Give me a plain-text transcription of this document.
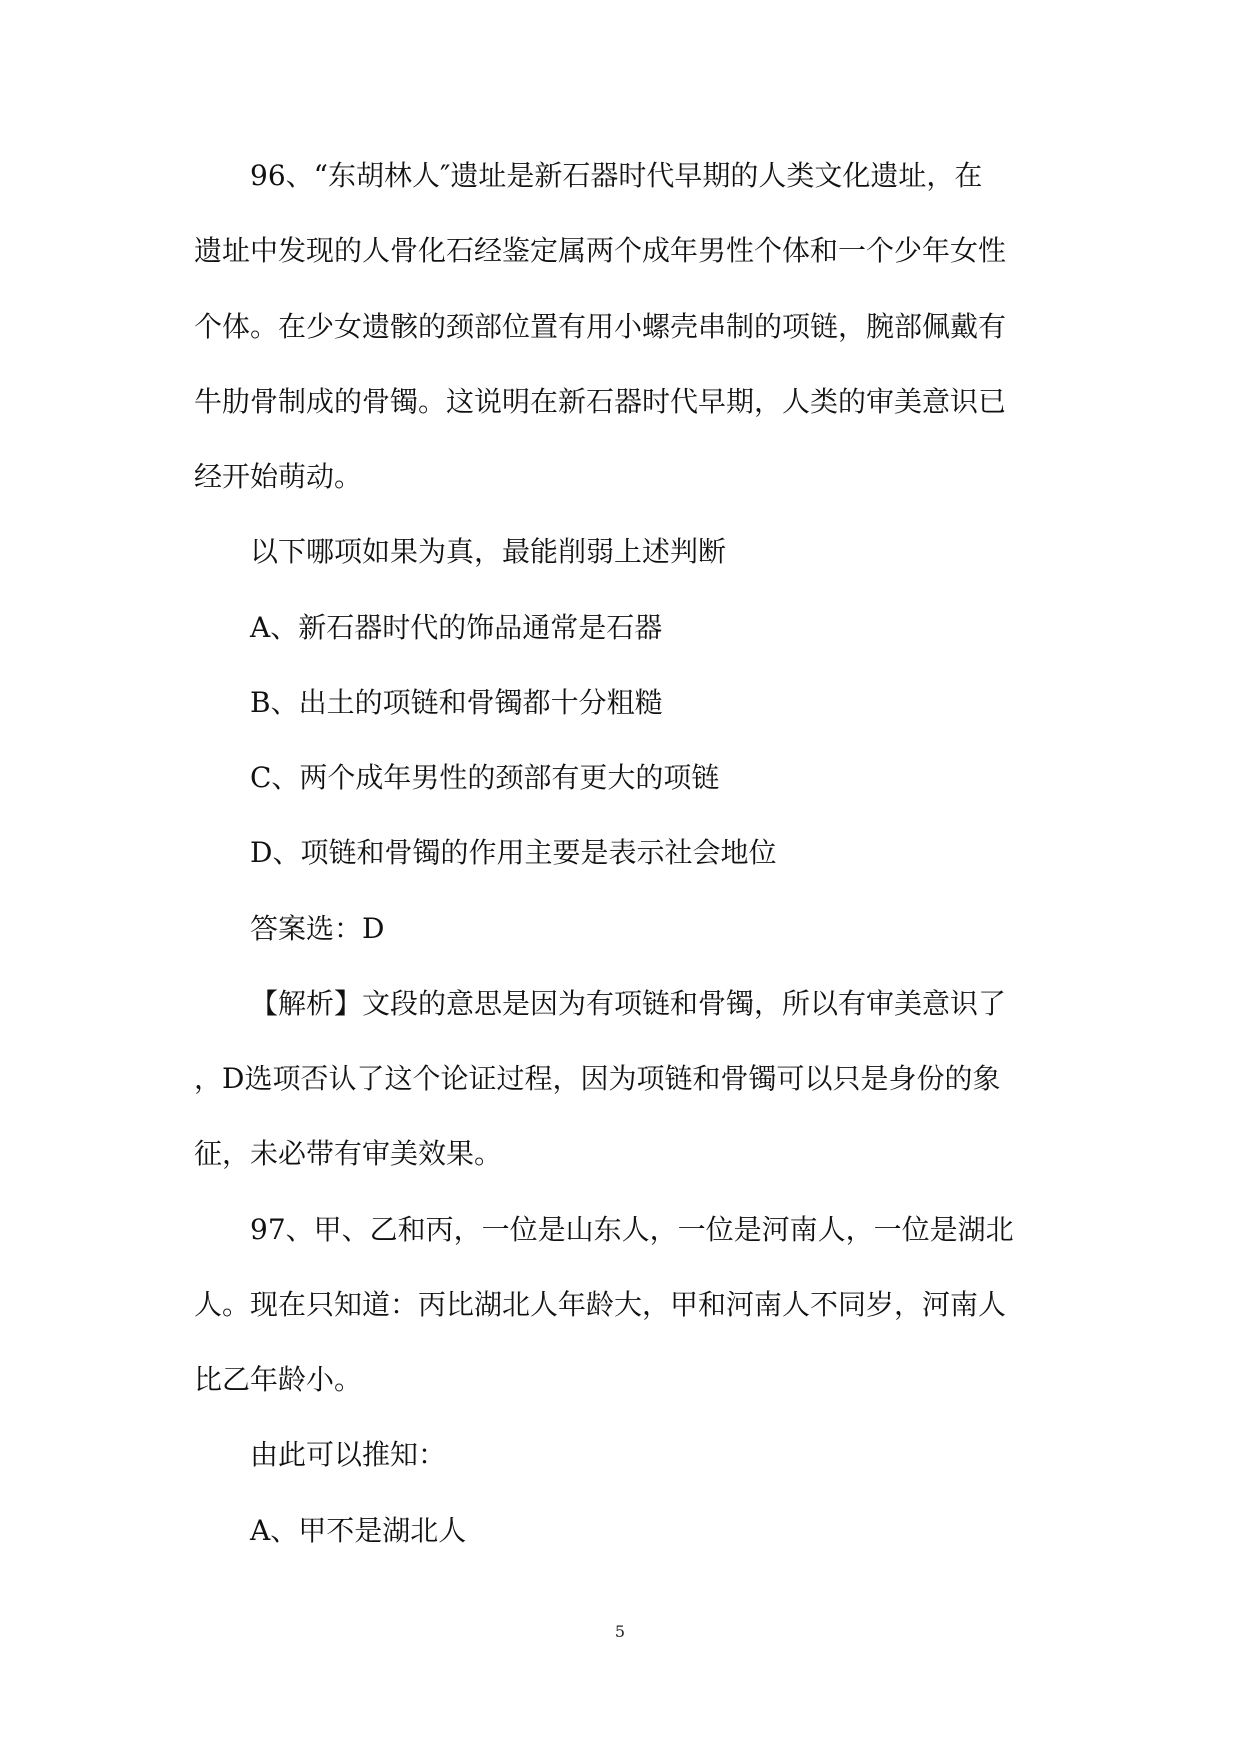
96、“东胡林人″遗址是新石器时代早期的人类文化遗址，在
遗址中发现的人骨化石经鉴定属两个成年男性个体和一个少年女性
个体。在少女遗骸的颈部位置有用小螺壳串制的项链，腕部佩戴有
牛肋骨制成的骨镯。这说明在新石器时代早期，人类的审美意识已
经开始萌动。
以下哪项如果为真，最能削弱上述判断
A、新石器时代的饰品通常是石器
B、出土的项链和骨镯都十分粗糙
C、两个成年男性的颈部有更大的项链
D、项链和骨镯的作用主要是表示社会地位
答案选：D
【解析】文段的意思是因为有项链和骨镯，所以有审美意识了
，D选项否认了这个论证过程，因为项链和骨镯可以只是身份的象
征，未必带有审美效果。
97、甲、乙和丙，一位是山东人，一位是河南人，一位是湖北
人。现在只知道：丙比湖北人年龄大，甲和河南人不同岁，河南人
比乙年龄小。
由此可以推知：
A、甲不是湖北人
5
